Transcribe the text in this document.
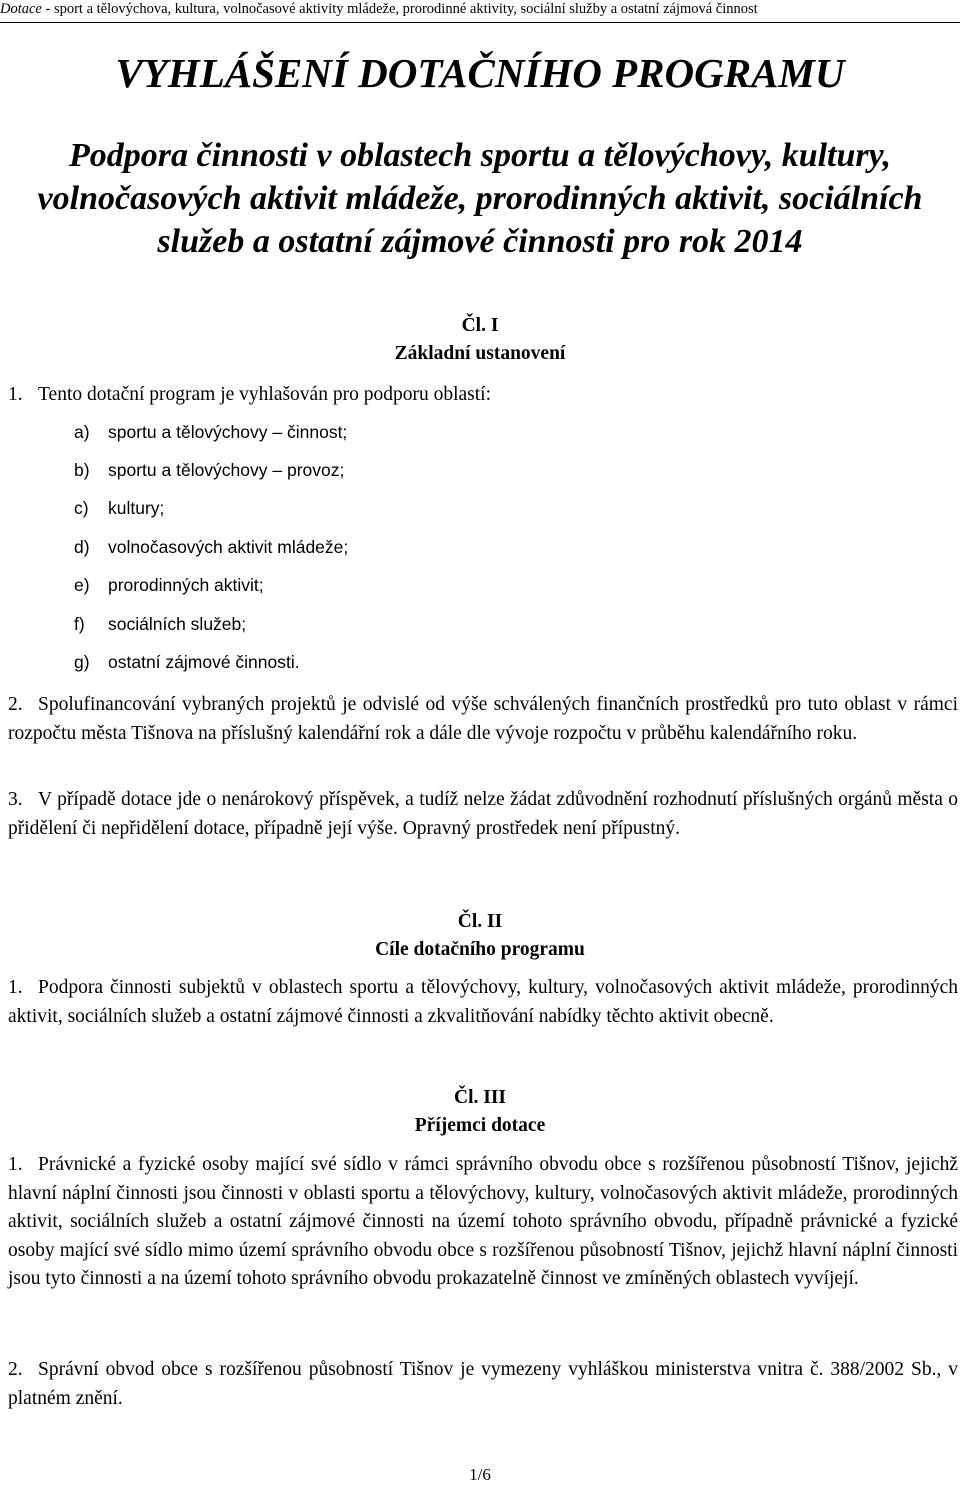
Dotace - sport a tělovýchova, kultura, volnočasové aktivity mládeže, prorodinné aktivity, sociální služby a ostatní zájmová činnost
VYHLÁŠENÍ DOTAČNÍHO PROGRAMU
Podpora činnosti v oblastech sportu a tělovýchovy, kultury,
volnočasových aktivit mládeže, prorodinných aktivit, sociálních
služeb a ostatní zájmové činnosti pro rok 2014
Čl. I
Základní ustanovení
1. Tento dotační program je vyhlašován pro podporu oblastí:
a) sportu a tělovýchovy – činnost;
b) sportu a tělovýchovy – provoz;
c) kultury;
d) volnočasových aktivit mládeže;
e) prorodinných aktivit;
f) sociálních služeb;
g) ostatní zájmové činnosti.
2. Spolufinancování vybraných projektů je odvislé od výše schválených finančních prostředků pro tuto oblast v rámci rozpočtu města Tišnova na příslušný kalendářní rok a dále dle vývoje rozpočtu v průběhu kalendářního roku.
3. V případě dotace jde o nenárokový příspěvek, a tudíž nelze žádat zdůvodnění rozhodnutí příslušných orgánů města o přidělení či nepřidělení dotace, případně její výše. Opravný prostředek není přípustný.
Čl. II
Cíle dotačního programu
1. Podpora činnosti subjektů v oblastech sportu a tělovýchovy, kultury, volnočasových aktivit mládeže, prorodinných aktivit, sociálních služeb a ostatní zájmové činnosti a zkvalitňování nabídky těchto aktivit obecně.
Čl. III
Příjemci dotace
1. Právnické a fyzické osoby mající své sídlo v rámci správního obvodu obce s rozšířenou působností Tišnov, jejichž hlavní náplní činnosti jsou činnosti v oblasti sportu a tělovýchovy, kultury, volnočasových aktivit mládeže, prorodinných aktivit, sociálních služeb a ostatní zájmové činnosti na území tohoto správního obvodu, případně právnické a fyzické osoby mající své sídlo mimo území správního obvodu obce s rozšířenou působností Tišnov, jejichž hlavní náplní činnosti jsou tyto činnosti a na území tohoto správního obvodu prokazatelně činnost ve zmíněných oblastech vyvíjejí.
2. Správní obvod obce s rozšířenou působností Tišnov je vymezeny vyhláškou ministerstva vnitra č. 388/2002 Sb., v platném znění.
1/6
